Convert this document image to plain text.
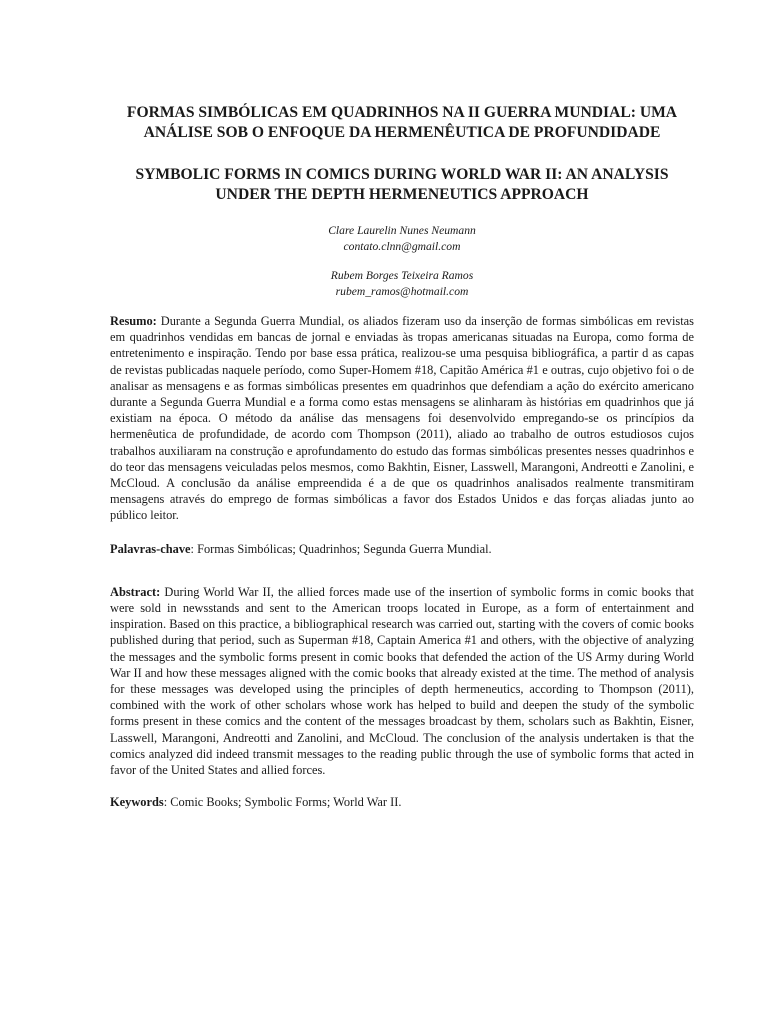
FORMAS SIMBÓLICAS EM QUADRINHOS NA II GUERRA MUNDIAL: UMA ANÁLISE SOB O ENFOQUE DA HERMENÊUTICA DE PROFUNDIDADE
SYMBOLIC FORMS IN COMICS DURING WORLD WAR II: AN ANALYSIS UNDER THE DEPTH HERMENEUTICS APPROACH
Clare Laurelin Nunes Neumann
contato.clnn@gmail.com
Rubem Borges Teixeira Ramos
rubem_ramos@hotmail.com

Resumo: Durante a Segunda Guerra Mundial, os aliados fizeram uso da inserção de formas simbólicas em revistas em quadrinhos vendidas em bancas de jornal e enviadas às tropas americanas situadas na Europa, como forma de entretenimento e inspiração. Tendo por base essa prática, realizou-se uma pesquisa bibliográfica, a partir d as capas de revistas publicadas naquele período, como Super-Homem #18, Capitão América #1 e outras, cujo objetivo foi o de analisar as mensagens e as formas simbólicas presentes em quadrinhos que defendiam a ação do exército americano durante a Segunda Guerra Mundial e a forma como estas mensagens se alinharam às histórias em quadrinhos que já existiam na época. O método da análise das mensagens foi desenvolvido empregando-se os princípios da hermenêutica de profundidade, de acordo com Thompson (2011), aliado ao trabalho de outros estudiosos cujos trabalhos auxiliaram na construção e aprofundamento do estudo das formas simbólicas presentes nesses quadrinhos e do teor das mensagens veiculadas pelos mesmos, como Bakhtin, Eisner, Lasswell, Marangoni, Andreotti e Zanolini, e McCloud. A conclusão da análise empreendida é a de que os quadrinhos analisados realmente transmitiram mensagens através do emprego de formas simbólicas a favor dos Estados Unidos e das forças aliadas junto ao público leitor.

Palavras-chave: Formas Simbólicas; Quadrinhos; Segunda Guerra Mundial.

Abstract: During World War II, the allied forces made use of the insertion of symbolic forms in comic books that were sold in newsstands and sent to the American troops located in Europe, as a form of entertainment and inspiration. Based on this practice, a bibliographical research was carried out, starting with the covers of comic books published during that period, such as Superman #18, Captain America #1 and others, with the objective of analyzing the messages and the symbolic forms present in comic books that defended the action of the US Army during World War II and how these messages aligned with the comic books that already existed at the time. The method of analysis for these messages was developed using the principles of depth hermeneutics, according to Thompson (2011), combined with the work of other scholars whose work has helped to build and deepen the study of the symbolic forms present in these comics and the content of the messages broadcast by them, scholars such as Bakhtin, Eisner, Lasswell, Marangoni, Andreotti and Zanolini, and McCloud. The conclusion of the analysis undertaken is that the comics analyzed did indeed transmit messages to the reading public through the use of symbolic forms that acted in favor of the United States and allied forces.

Keywords: Comic Books; Symbolic Forms; World War II.
